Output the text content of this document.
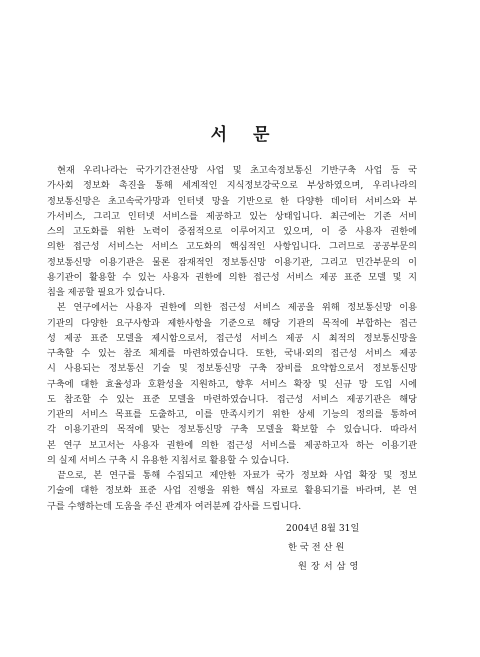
서 문
현재 우리나라는 국가기간전산망 사업 및 초고속정보통신 기반구축 사업 등 국
가사회 정보화 촉진을 통해 세계적인 지식정보강국으로 부상하였으며, 우리나라의
정보통신망은 초고속국가망과 인터넷 망을 기반으로 한 다양한 데이터 서비스와 부
가서비스, 그리고 인터넷 서비스를 제공하고 있는 상태입니다. 최근에는 기존 서비
스의 고도화를 위한 노력이 중점적으로 이루어지고 있으며, 이 중 사용자 권한에
의한 접근성 서비스는 서비스 고도화의 핵심적인 사항입니다. 그러므로 공공부문의
정보통신망 이용기관은 물론 잠재적인 정보통신망 이용기관, 그리고 민간부문의 이
용기관이 활용할 수 있는 사용자 권한에 의한 접근성 서비스 제공 표준 모델 및 지
침을 제공할 필요가 있습니다.
본 연구에서는 사용자 권한에 의한 접근성 서비스 제공을 위해 정보통신망 이용
기관의 다양한 요구사항과 제한사항을 기준으로 해당 기관의 목적에 부합하는 접근
성 제공 표준 모델을 제시함으로서, 접근성 서비스 제공 시 최적의 정보통신망을
구축할 수 있는 참조 체계를 마련하였습니다. 또한, 국내·외의 접근성 서비스 제공
시 사용되는 정보통신 기술 및 정보통신망 구축 장비를 요약함으로서 정보통신망
구축에 대한 효율성과 호환성을 지원하고, 향후 서비스 확장 및 신규 망 도입 시에
도 참조할 수 있는 표준 모델을 마련하였습니다. 접근성 서비스 제공기관은 해당
기관의 서비스 목표를 도출하고, 이를 만족시키기 위한 상세 기능의 정의를 통하여
각 이용기관의 목적에 맞는 정보통신망 구축 모델을 확보할 수 있습니다. 따라서
본 연구 보고서는 사용자 권한에 의한 접근성 서비스를 제공하고자 하는 이용기관
의 실제 서비스 구축 시 유용한 지침서로 활용할 수 있습니다.
끝으로, 본 연구를 통해 수집되고 제안한 자료가 국가 정보화 사업 확장 및 정보
기술에 대한 정보화 표준 사업 진행을 위한 핵심 자료로 활용되기를 바라며, 본 연
구를 수행하는데 도움을 주신 관계자 여러분께 감사를 드립니다.
2004년 8월 31일
한국전산원
원장서삼영
